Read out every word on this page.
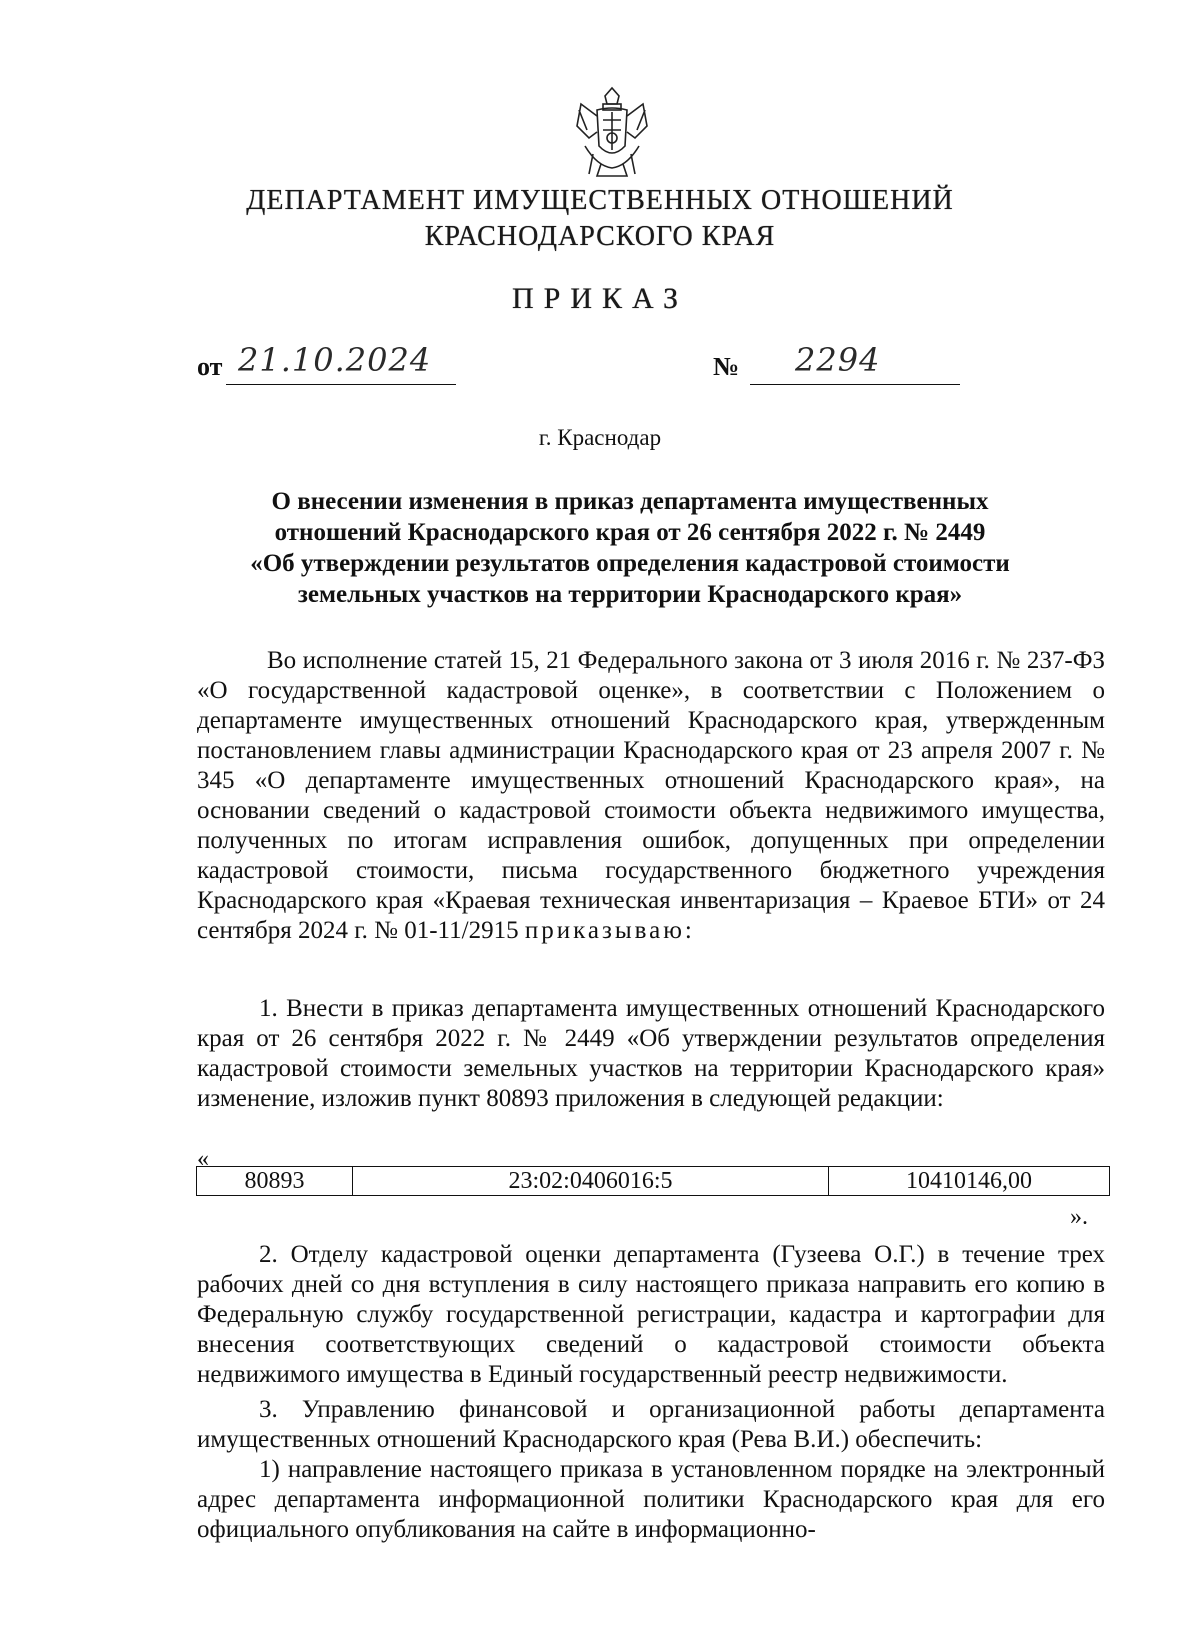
ДЕПАРТАМЕНТ ИМУЩЕСТВЕННЫХ ОТНОШЕНИЙ
КРАСНОДАРСКОГО КРАЯ
ПРИКАЗ
от 21.10.2024	№ 2294
г. Краснодар
О внесении изменения в приказ департамента имущественных
отношений Краснодарского края от 26 сентября 2022 г. № 2449
«Об утверждении результатов определения кадастровой стоимости
земельных участков на территории Краснодарского края»
Во исполнение статей 15, 21 Федерального закона от 3 июля 2016 г. № 237-ФЗ «О государственной кадастровой оценке», в соответствии с Положением о департаменте имущественных отношений Краснодарского края, утвержденным постановлением главы администрации Краснодарского края от 23 апреля 2007 г. № 345 «О департаменте имущественных отношений Краснодарского края», на основании сведений о кадастровой стоимости объекта недвижимого имущества, полученных по итогам исправления ошибок, допущенных при определении кадастровой стоимости, письма государственного бюджетного учреждения Краснодарского края «Краевая техническая инвентаризация – Краевое БТИ» от 24 сентября 2024 г. № 01-11/2915 приказываю:
1. Внести в приказ департамента имущественных отношений Краснодарского края от 26 сентября 2022 г. № 2449 «Об утверждении результатов определения кадастровой стоимости земельных участков на территории Краснодарского края» изменение, изложив пункт 80893 приложения в следующей редакции:
«
80893	23:02:0406016:5	10410146,00
».
2. Отделу кадастровой оценки департамента (Гузеева О.Г.) в течение трех рабочих дней со дня вступления в силу настоящего приказа направить его копию в Федеральную службу государственной регистрации, кадастра и картографии для внесения соответствующих сведений о кадастровой стоимости объекта недвижимого имущества в Единый государственный реестр недвижимости.
3. Управлению финансовой и организационной работы департамента имущественных отношений Краснодарского края (Рева В.И.) обеспечить:
1) направление настоящего приказа в установленном порядке на электронный адрес департамента информационной политики Краснодарского края для его официального опубликования на сайте в информационно-
